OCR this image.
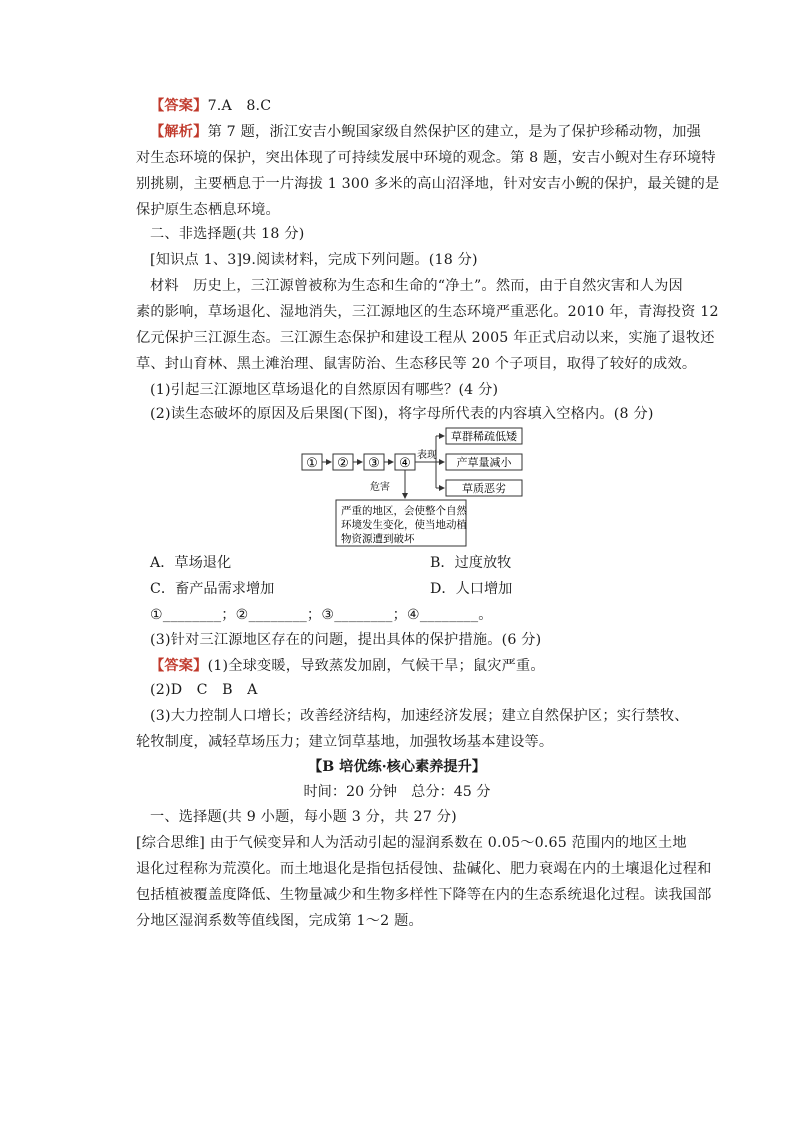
【答案】7.A　8.C
【解析】第 7 题，浙江安吉小鲵国家级自然保护区的建立，是为了保护珍稀动物，加强
对生态环境的保护，突出体现了可持续发展中环境的观念。第 8 题，安吉小鲵对生存环境特
别挑剔，主要栖息于一片海拔 1 300 多米的高山沼泽地，针对安吉小鲵的保护，最关键的是
保护原生态栖息环境。
二、非选择题(共 18 分)
[知识点 1、3]9.阅读材料，完成下列问题。(18 分)
材料　历史上，三江源曾被称为生态和生命的“净土”。然而，由于自然灾害和人为因
素的影响，草场退化、湿地消失，三江源地区的生态环境严重恶化。2010 年，青海投资 12
亿元保护三江源生态。三江源生态保护和建设工程从 2005 年正式启动以来，实施了退牧还
草、封山育林、黑土滩治理、鼠害防治、生态移民等 20 个子项目，取得了较好的成效。
(1)引起三江源地区草场退化的自然原因有哪些？(4 分)
(2)读生态破坏的原因及后果图(下图)，将字母所代表的内容填入空格内。(8 分)
① ② ③ ④
表现
草群稀疏低矮
产草量减小
草质恶劣
危害
严重的地区，会使整个自然
环境发生变化，使当地动植
物资源遭到破坏
A．草场退化	B．过度放牧
C．畜产品需求增加	D．人口增加
①________；②________；③________；④________。
(3)针对三江源地区存在的问题，提出具体的保护措施。(6 分)
【答案】(1)全球变暖，导致蒸发加剧，气候干旱；鼠灾严重。
(2)D　C　B　A
(3)大力控制人口增长；改善经济结构，加速经济发展；建立自然保护区；实行禁牧、
轮牧制度，减轻草场压力；建立饲草基地，加强牧场基本建设等。
【B 培优练·核心素养提升】
时间：20 分钟　总分：45 分
一、选择题(共 9 小题，每小题 3 分，共 27 分)
[综合思维] 由于气候变异和人为活动引起的湿润系数在 0.05～0.65 范围内的地区土地
退化过程称为荒漠化。而土地退化是指包括侵蚀、盐碱化、肥力衰竭在内的土壤退化过程和
包括植被覆盖度降低、生物量减少和生物多样性下降等在内的生态系统退化过程。读我国部
分地区湿润系数等值线图，完成第 1～2 题。
